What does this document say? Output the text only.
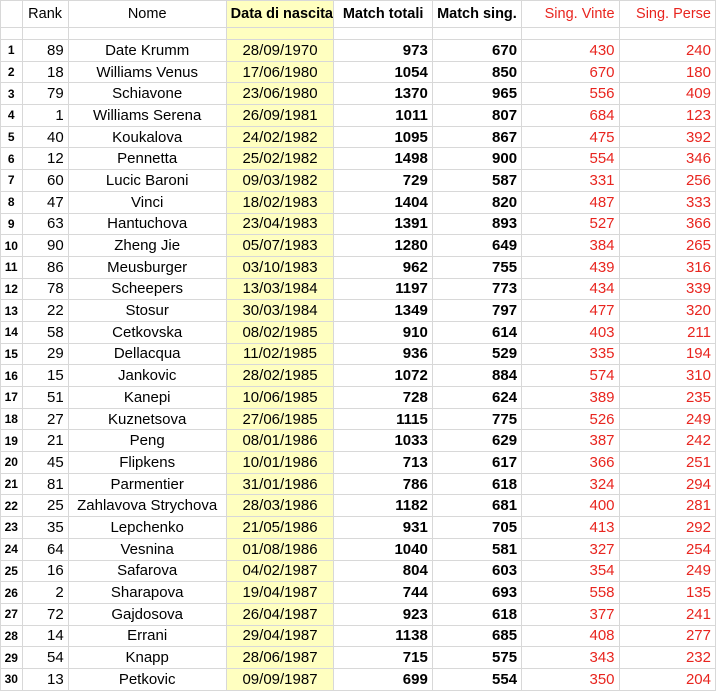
	Rank	Nome	Data di nascita	Match totali	Match sing.	Sing. Vinte	Sing. Perse

1	89	Date Krumm	28/09/1970	973	670	430	240
2	18	Williams Venus	17/06/1980	1054	850	670	180
3	79	Schiavone	23/06/1980	1370	965	556	409
4	1	Williams Serena	26/09/1981	1011	807	684	123
5	40	Koukalova	24/02/1982	1095	867	475	392
6	12	Pennetta	25/02/1982	1498	900	554	346
7	60	Lucic Baroni	09/03/1982	729	587	331	256
8	47	Vinci	18/02/1983	1404	820	487	333
9	63	Hantuchova	23/04/1983	1391	893	527	366
10	90	Zheng Jie	05/07/1983	1280	649	384	265
11	86	Meusburger	03/10/1983	962	755	439	316
12	78	Scheepers	13/03/1984	1197	773	434	339
13	22	Stosur	30/03/1984	1349	797	477	320
14	58	Cetkovska	08/02/1985	910	614	403	211
15	29	Dellacqua	11/02/1985	936	529	335	194
16	15	Jankovic	28/02/1985	1072	884	574	310
17	51	Kanepi	10/06/1985	728	624	389	235
18	27	Kuznetsova	27/06/1985	1115	775	526	249
19	21	Peng	08/01/1986	1033	629	387	242
20	45	Flipkens	10/01/1986	713	617	366	251
21	81	Parmentier	31/01/1986	786	618	324	294
22	25	Zahlavova Strychova	28/03/1986	1182	681	400	281
23	35	Lepchenko	21/05/1986	931	705	413	292
24	64	Vesnina	01/08/1986	1040	581	327	254
25	16	Safarova	04/02/1987	804	603	354	249
26	2	Sharapova	19/04/1987	744	693	558	135
27	72	Gajdosova	26/04/1987	923	618	377	241
28	14	Errani	29/04/1987	1138	685	408	277
29	54	Knapp	28/06/1987	715	575	343	232
30	13	Petkovic	09/09/1987	699	554	350	204
